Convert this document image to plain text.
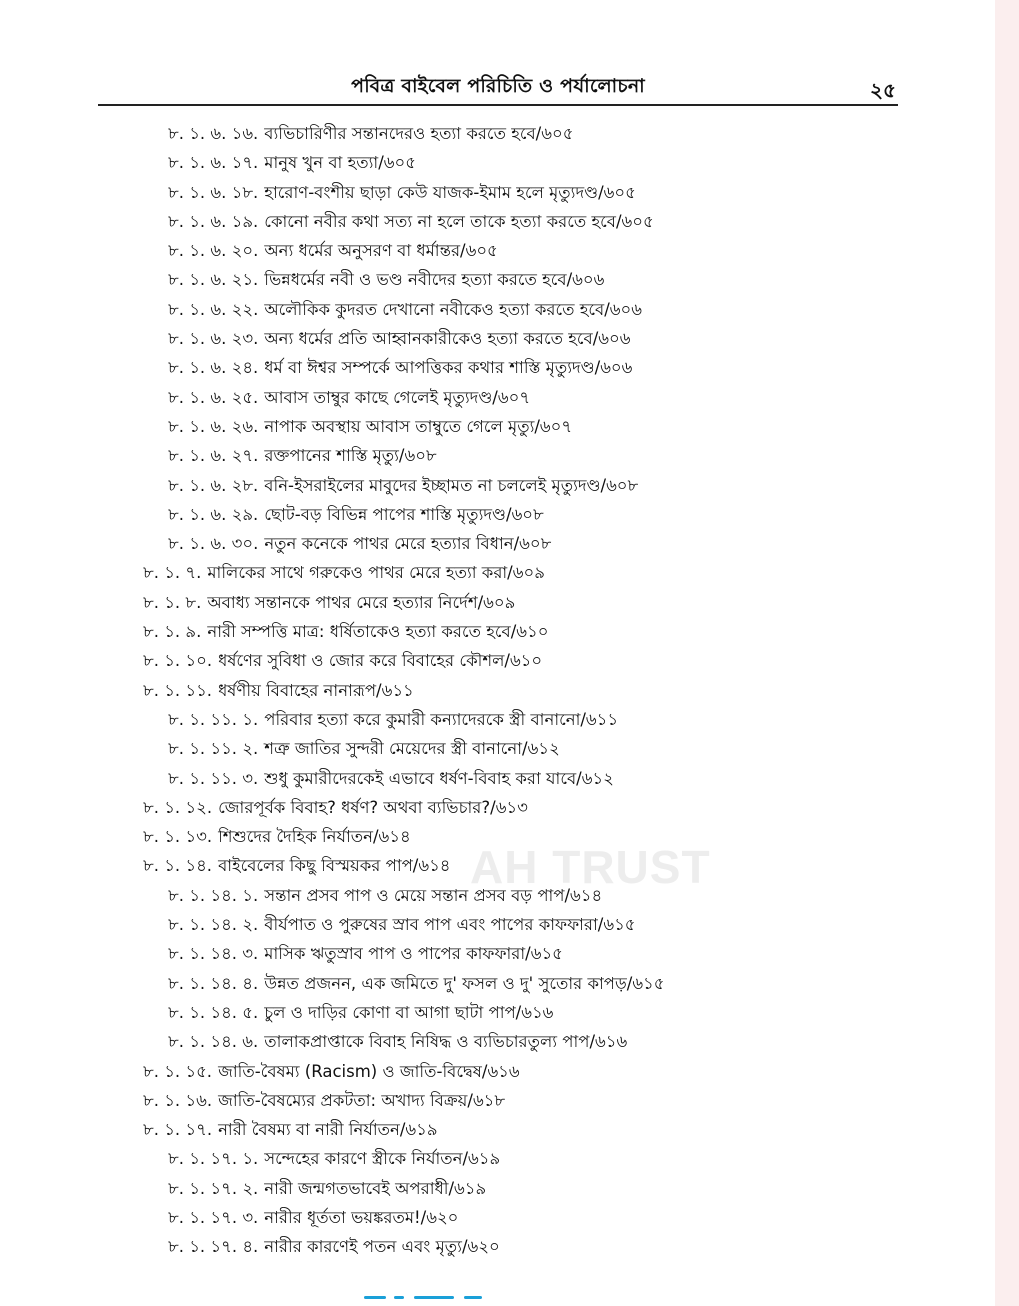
পবিত্র বাইবেল পরিচিতি ও পর্যালোচনা	২৫
AH TRUST
৮. ১. ৬. ১৬. ব্যভিচারিণীর সন্তানদেরও হত্যা করতে হবে/৬০৫
৮. ১. ৬. ১৭. মানুষ খুন বা হত্যা/৬০৫
৮. ১. ৬. ১৮. হারোণ-বংশীয় ছাড়া কেউ যাজক-ইমাম হলে মৃত্যুদণ্ড/৬০৫
৮. ১. ৬. ১৯. কোনো নবীর কথা সত্য না হলে তাকে হত্যা করতে হবে/৬০৫
৮. ১. ৬. ২০. অন্য ধর্মের অনুসরণ বা ধর্মান্তর/৬০৫
৮. ১. ৬. ২১. ভিন্নধর্মের নবী ও ভণ্ড নবীদের হত্যা করতে হবে/৬০৬
৮. ১. ৬. ২২. অলৌকিক কুদরত দেখানো নবীকেও হত্যা করতে হবে/৬০৬
৮. ১. ৬. ২৩. অন্য ধর্মের প্রতি আহ্বানকারীকেও হত্যা করতে হবে/৬০৬
৮. ১. ৬. ২৪. ধর্ম বা ঈশ্বর সম্পর্কে আপত্তিকর কথার শাস্তি মৃত্যুদণ্ড/৬০৬
৮. ১. ৬. ২৫. আবাস তাম্বুর কাছে গেলেই মৃত্যুদণ্ড/৬০৭
৮. ১. ৬. ২৬. নাপাক অবস্থায় আবাস তাম্বুতে গেলে মৃত্যু/৬০৭
৮. ১. ৬. ২৭. রক্তপানের শাস্তি মৃত্যু/৬০৮
৮. ১. ৬. ২৮. বনি-ইসরাইলের মাবুদের ইচ্ছামত না চললেই মৃত্যুদণ্ড/৬০৮
৮. ১. ৬. ২৯. ছোট-বড় বিভিন্ন পাপের শাস্তি মৃত্যুদণ্ড/৬০৮
৮. ১. ৬. ৩০. নতুন কনেকে পাথর মেরে হত্যার বিধান/৬০৮
৮. ১. ৭. মালিকের সাথে গরুকেও পাথর মেরে হত্যা করা/৬০৯
৮. ১. ৮. অবাধ্য সন্তানকে পাথর মেরে হত্যার নির্দেশ/৬০৯
৮. ১. ৯. নারী সম্পত্তি মাত্র: ধর্ষিতাকেও হত্যা করতে হবে/৬১০
৮. ১. ১০. ধর্ষণের সুবিধা ও জোর করে বিবাহের কৌশল/৬১০
৮. ১. ১১. ধর্ষণীয় বিবাহের নানারূপ/৬১১
৮. ১. ১১. ১. পরিবার হত্যা করে কুমারী কন্যাদেরকে স্ত্রী বানানো/৬১১
৮. ১. ১১. ২. শত্রু জাতির সুন্দরী মেয়েদের স্ত্রী বানানো/৬১২
৮. ১. ১১. ৩. শুধু কুমারীদেরকেই এভাবে ধর্ষণ-বিবাহ করা যাবে/৬১২
৮. ১. ১২. জোরপূর্বক বিবাহ? ধর্ষণ? অথবা ব্যভিচার?/৬১৩
৮. ১. ১৩. শিশুদের দৈহিক নির্যাতন/৬১৪
৮. ১. ১৪. বাইবেলের কিছু বিস্ময়কর পাপ/৬১৪
৮. ১. ১৪. ১. সন্তান প্রসব পাপ ও মেয়ে সন্তান প্রসব বড় পাপ/৬১৪
৮. ১. ১৪. ২. বীর্যপাত ও পুরুষের স্রাব পাপ এবং পাপের কাফফারা/৬১৫
৮. ১. ১৪. ৩. মাসিক ঋতুস্রাব পাপ ও পাপের কাফফারা/৬১৫
৮. ১. ১৪. ৪. উন্নত প্রজনন, এক জমিতে দু' ফসল ও দু' সুতোর কাপড়/৬১৫
৮. ১. ১৪. ৫. চুল ও দাড়ির কোণা বা আগা ছাটা পাপ/৬১৬
৮. ১. ১৪. ৬. তালাকপ্রাপ্তাকে বিবাহ নিষিদ্ধ ও ব্যভিচারতুল্য পাপ/৬১৬
৮. ১. ১৫. জাতি-বৈষম্য (Racism) ও জাতি-বিদ্বেষ/৬১৬
৮. ১. ১৬. জাতি-বৈষম্যের প্রকটতা: অখাদ্য বিক্রয়/৬১৮
৮. ১. ১৭. নারী বৈষম্য বা নারী নির্যাতন/৬১৯
৮. ১. ১৭. ১. সন্দেহের কারণে স্ত্রীকে নির্যাতন/৬১৯
৮. ১. ১৭. ২. নারী জন্মগতভাবেই অপরাধী/৬১৯
৮. ১. ১৭. ৩. নারীর ধূর্ততা ভয়ঙ্করতম!/৬২০
৮. ১. ১৭. ৪. নারীর কারণেই পতন এবং মৃত্যু/৬২০
